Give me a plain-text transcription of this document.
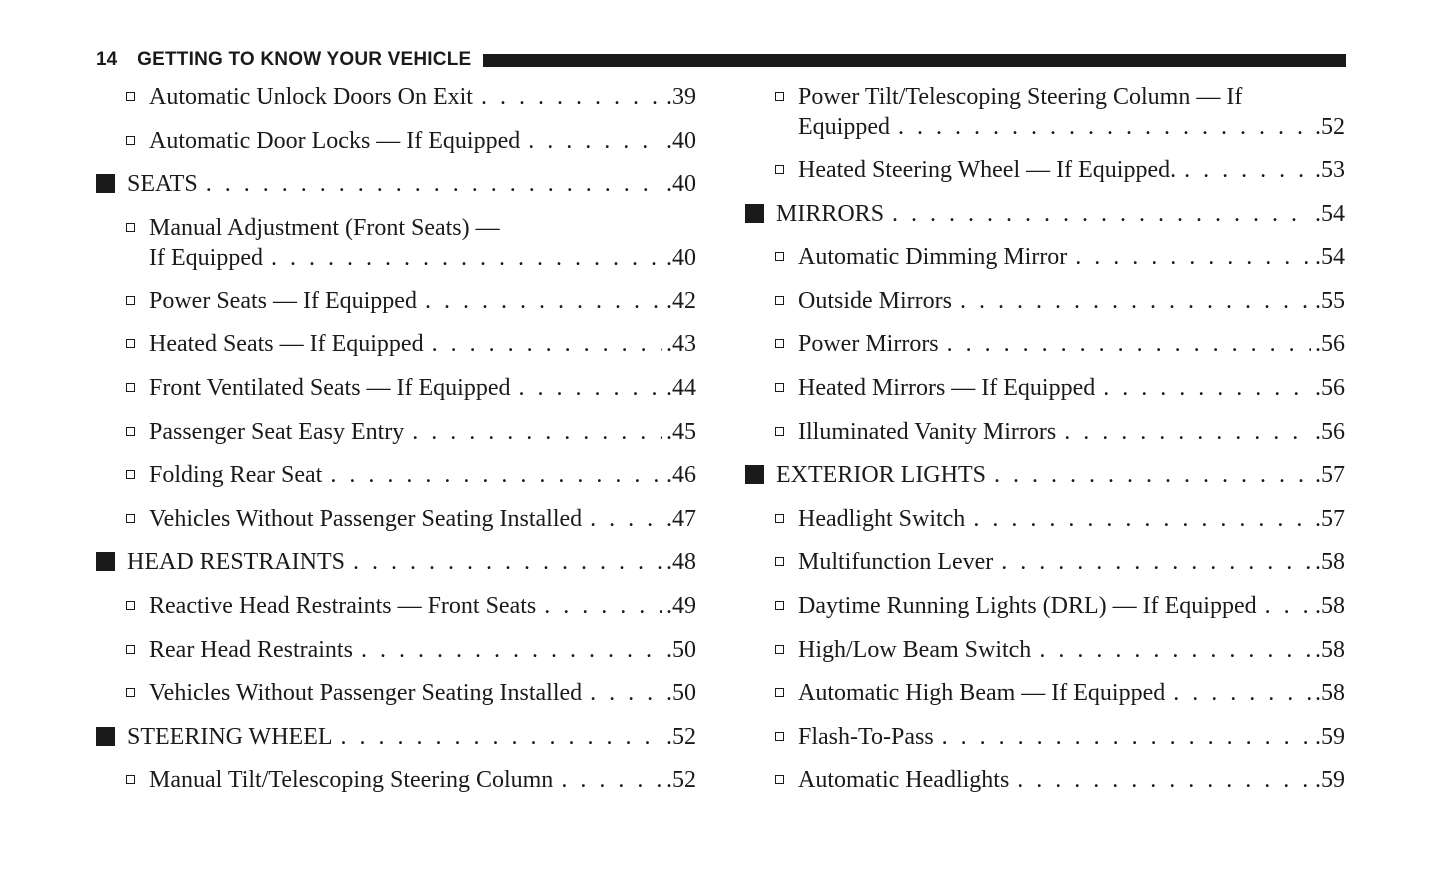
14 GETTING TO KNOW YOUR VEHICLE
Automatic Unlock Doors On Exit . . .	.39
Automatic Door Locks — If Equipped . . .	.40
SEATS . . .	.40
Manual Adjustment (Front Seats) —
If Equipped . . .	.40
Power Seats — If Equipped . . .	.42
Heated Seats — If Equipped . . .	.43
Front Ventilated Seats — If Equipped . . .	.44
Passenger Seat Easy Entry . . .	.45
Folding Rear Seat . . .	.46
Vehicles Without Passenger Seating Installed . . .	.47
HEAD RESTRAINTS . . .	.48
Reactive Head Restraints — Front Seats . . .	.49
Rear Head Restraints . . .	.50
Vehicles Without Passenger Seating Installed . . .	.50
STEERING WHEEL . . .	.52
Manual Tilt/Telescoping Steering Column . . .	.52
Power Tilt/Telescoping Steering Column — If
Equipped . . .	.52
Heated Steering Wheel — If Equipped. . . .	.53
MIRRORS . . .	.54
Automatic Dimming Mirror . . .	.54
Outside Mirrors . . .	.55
Power Mirrors . . .	.56
Heated Mirrors — If Equipped . . .	.56
Illuminated Vanity Mirrors . . .	.56
EXTERIOR LIGHTS . . .	.57
Headlight Switch . . .	.57
Multifunction Lever . . .	.58
Daytime Running Lights (DRL) — If Equipped . . . .58
High/Low Beam Switch . . .	.58
Automatic High Beam — If Equipped . . .	.58
Flash-To-Pass . . .	.59
Automatic Headlights . . .	.59
